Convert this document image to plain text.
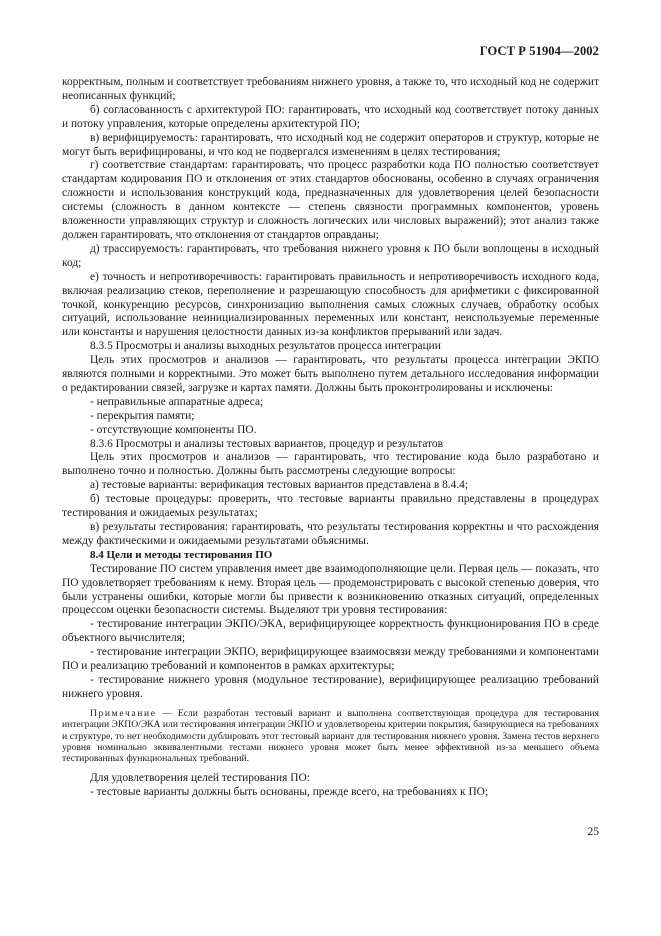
ГОСТ Р 51904—2002

корректным, полным и соответствует требованиям нижнего уровня, а также то, что исходный код не содержит неописанных функций;

б) согласованность с архитектурой ПО: гарантировать, что исходный код соответствует потоку данных и потоку управления, которые определены архитектурой ПО;

в) верифицируемость: гарантировать, что исходный код не содержит операторов и структур, которые не могут быть верифицированы, и что код не подвергался изменениям в целях тестирования;

г) соответствие стандартам: гарантировать, что процесс разработки кода ПО полностью соответствует стандартам кодирования ПО и отклонения от этих стандартов обоснованы, особенно в случаях ограничения сложности и использования конструкций кода, предназначенных для удовлетворения целей безопасности системы (сложность в данном контексте — степень связности программных компонентов, уровень вложенности управляющих структур и сложность логических или числовых выражений); этот анализ также должен гарантировать, что отклонения от стандартов оправданы;

д) трассируемость: гарантировать, что требования нижнего уровня к ПО были воплощены в исходный код;

е) точность и непротиворечивость: гарантировать правильность и непротиворечивость исходного кода, включая реализацию стеков, переполнение и разрешающую способность для арифметики с фиксированной точкой, конкуренцию ресурсов, синхронизацию выполнения самых сложных случаев, обработку особых ситуаций, использование неинициализированных переменных или констант, неиспользуемые переменные или константы и нарушения целостности данных из-за конфликтов прерываний или задач.

8.3.5 Просмотры и анализы выходных результатов процесса интеграции

Цель этих просмотров и анализов — гарантировать, что результаты процесса интеграции ЭКПО являются полными и корректными. Это может быть выполнено путем детального исследования информации о редактировании связей, загрузке и картах памяти. Должны быть проконтролированы и исключены:

- неправильные аппаратные адреса;

- перекрытия памяти;

- отсутствующие компоненты ПО.

8.3.6 Просмотры и анализы тестовых вариантов, процедур и результатов

Цель этих просмотров и анализов — гарантировать, что тестирование кода было разработано и выполнено точно и полностью. Должны быть рассмотрены следующие вопросы:

а) тестовые варианты: верификация тестовых вариантов представлена в 8.4.4;

б) тестовые процедуры: проверить, что тестовые варианты правильно представлены в процедурах тестирования и ожидаемых результатах;

в) результаты тестирования: гарантировать, что результаты тестирования корректны и что расхождения между фактическими и ожидаемыми результатами объяснимы.

8.4 Цели и методы тестирования ПО

Тестирование ПО систем управления имеет две взаимодополняющие цели. Первая цель — показать, что ПО удовлетворяет требованиям к нему. Вторая цель — продемонстрировать с высокой степенью доверия, что были устранены ошибки, которые могли бы привести к возникновению отказных ситуаций, определенных процессом оценки безопасности системы. Выделяют три уровня тестирования:

- тестирование интеграции ЭКПО/ЭКА, верифицирующее корректность функционирования ПО в среде объектного вычислителя;

- тестирование интеграции ЭКПО, верифицирующее взаимосвязи между требованиями и компонентами ПО и реализацию требований и компонентов в рамках архитектуры;

- тестирование нижнего уровня (модульное тестирование), верифицирующее реализацию требований нижнего уровня.

Примечание — Если разработан тестовый вариант и выполнена соответствующая процедура для тестирования интеграции ЭКПО/ЭКА или тестирования интеграции ЭКПО и удовлетворены критерии покрытия, базирующиеся на требованиях и структуре, то нет необходимости дублировать этот тестовый вариант для тестирования нижнего уровня. Замена тестов верхнего уровня номинально эквивалентными тестами нижнего уровня может быть менее эффективной из-за меньшего объема тестированных функциональных требований.

Для удовлетворения целей тестирования ПО:

- тестовые варианты должны быть основаны, прежде всего, на требованиях к ПО;

25
